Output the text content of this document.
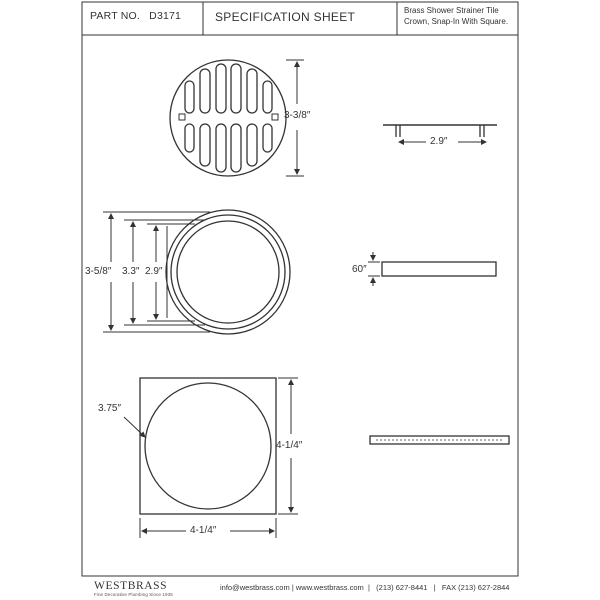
PART NO. D3171	SPECIFICATION SHEET	Brass Shower Strainer Tile
Crown, Snap-In With Square.
3-3/8″
2.9″
3-5/8″ 3.3″ 2.9″	60″
3.75″
4-1/4″
4-1/4″
WESTBRASS
Fine Decorative Plumbing Since 1935
info@westbrass.com | www.westbrass.com  |   (213) 627-8441   |   FAX (213) 627-2844
